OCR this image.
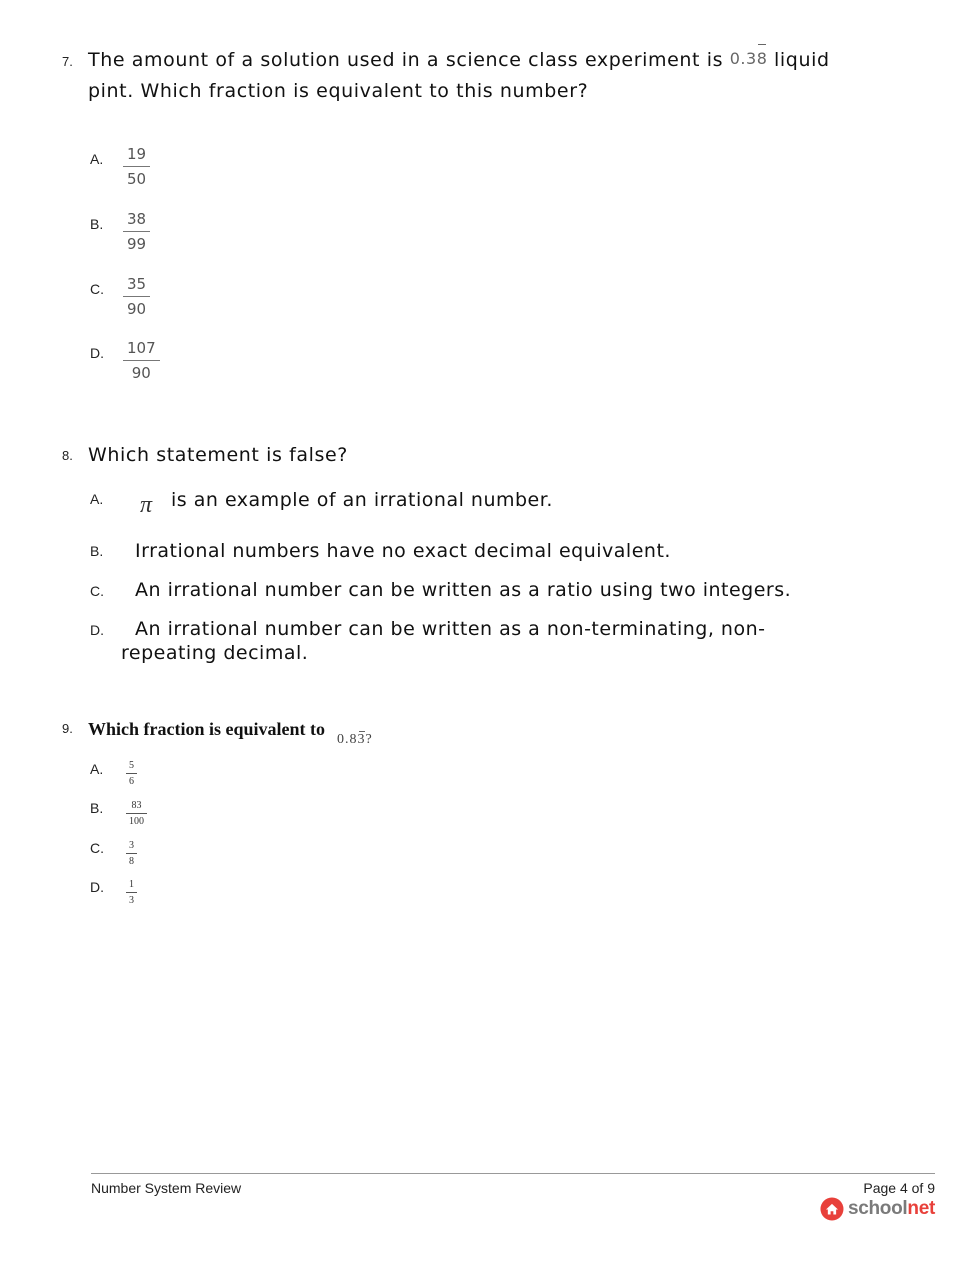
7. The amount of a solution used in a science class experiment is 0.38 liquid
pint. Which fraction is equivalent to this number?
A. 19
50
B. 38
99
C. 35
90
D. 107
90
8. Which statement is false?
A. π is an example of an irrational number.
B. Irrational numbers have no exact decimal equivalent.
C. An irrational number can be written as a ratio using two integers.
D. An irrational number can be written as a non-terminating, non-
repeating decimal.
9. Which fraction is equivalent to
0.83?
A.	5
6
B.	83
100
C.	3
8
D.	1
3
Number System Review	Page 4 of 9
schoolnet
